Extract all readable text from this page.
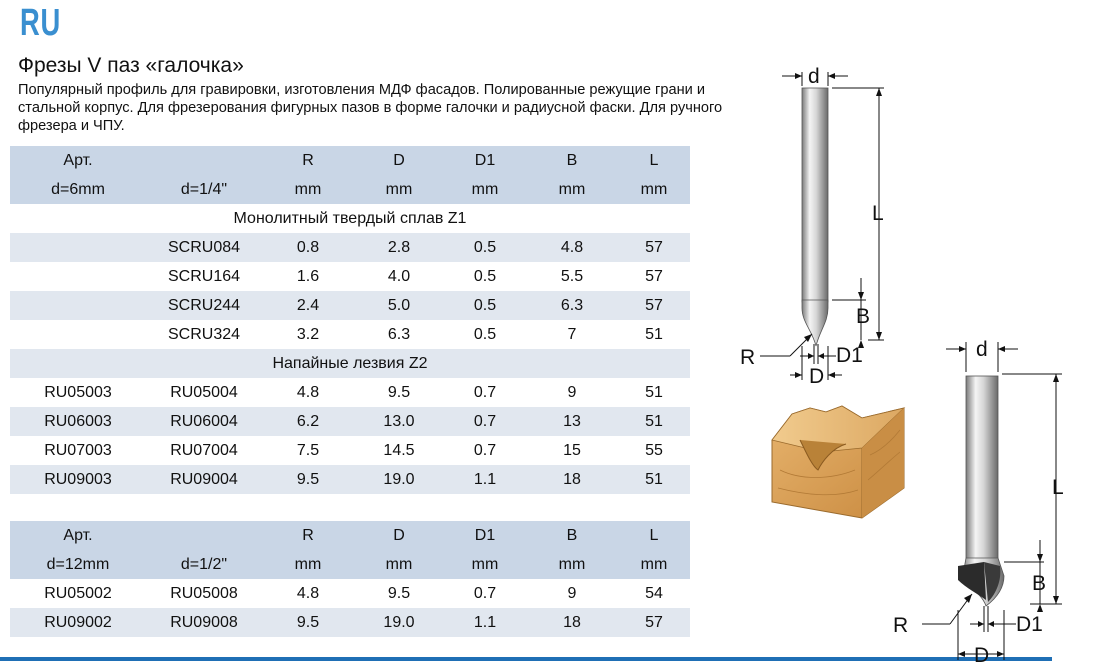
RU
Фрезы V паз «галочка»
Популярный профиль для гравировки, изготовления МДФ фасадов. Полированные режущие грани и стальной корпус. Для фрезерования фигурных пазов в форме галочки и радиусной фаски. Для ручного фрезера и ЧПУ.
Арт.		R	D	D1	B	L
d=6mm	d=1/4"	mm	mm	mm	mm	mm
Монолитный твердый сплав Z1						
	SCRU084	0.8	2.8	0.5	4.8	57
	SCRU164	1.6	4.0	0.5	5.5	57
	SCRU244	2.4	5.0	0.5	6.3	57
	SCRU324	3.2	6.3	0.5	7	51
Напайные лезвия Z2						
RU05003	RU05004	4.8	9.5	0.7	9	51
RU06003	RU06004	6.2	13.0	0.7	13	51
RU07003	RU07004	7.5	14.5	0.7	15	55
RU09003	RU09004	9.5	19.0	1.1	18	51
Арт.		R	D	D1	B	L
d=12mm	d=1/2"	mm	mm	mm	mm	mm
RU05002	RU05008	4.8	9.5	0.7	9	54
RU09002	RU09008	9.5	19.0	1.1	18	57
d
L
B
R	D1
D
d
L
B
R	D1
D
